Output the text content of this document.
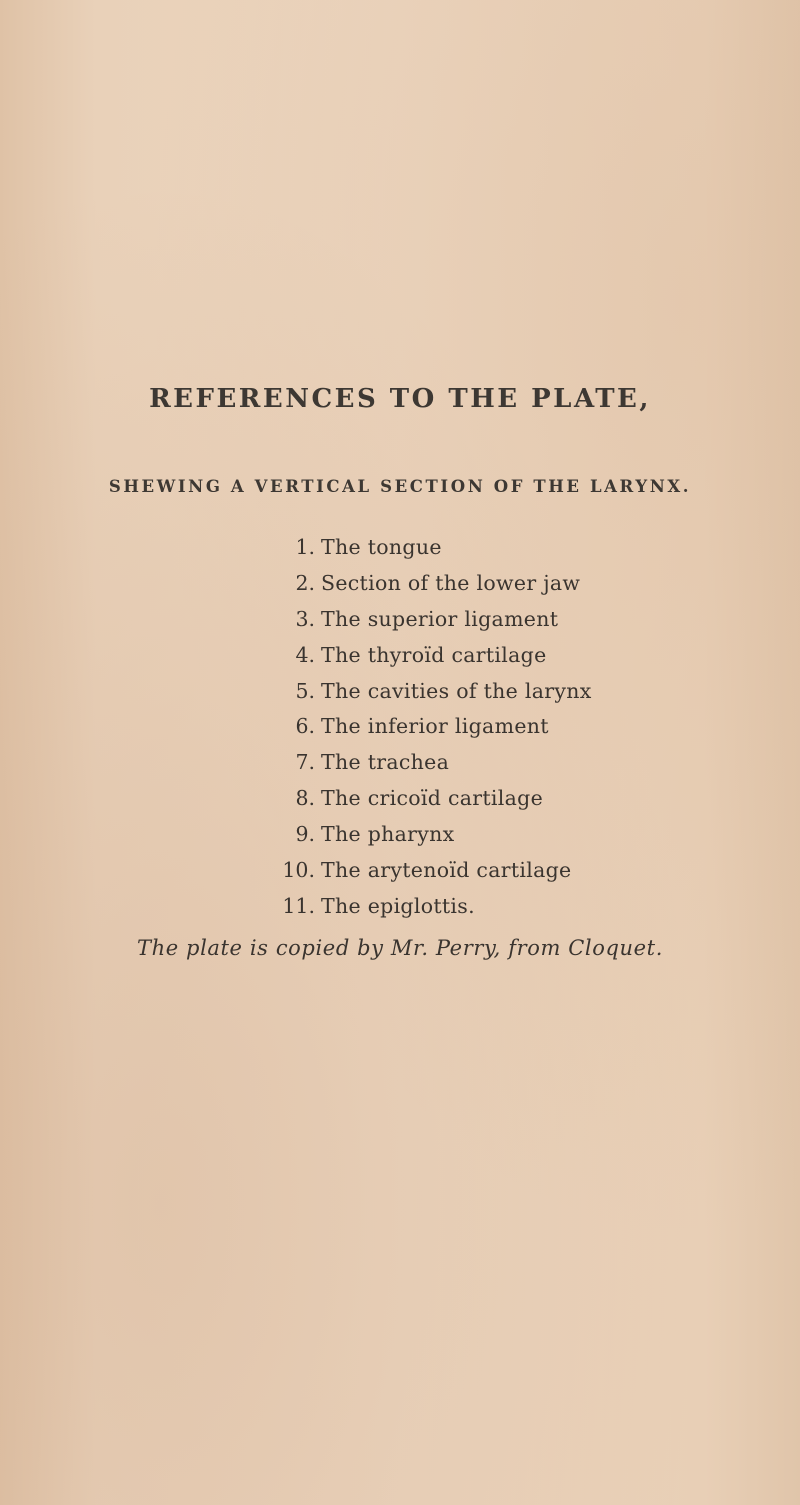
REFERENCES TO THE PLATE,
SHEWING A VERTICAL SECTION OF THE LARYNX.
1. The tongue
2. Section of the lower jaw
3. The superior ligament
4. The thyroïd cartilage
5. The cavities of the larynx
6. The inferior ligament
7. The trachea
8. The cricoïd cartilage
9. The pharynx
10. The arytenoïd cartilage
11. The epiglottis.
The plate is copied by Mr. Perry, from Cloquet.
